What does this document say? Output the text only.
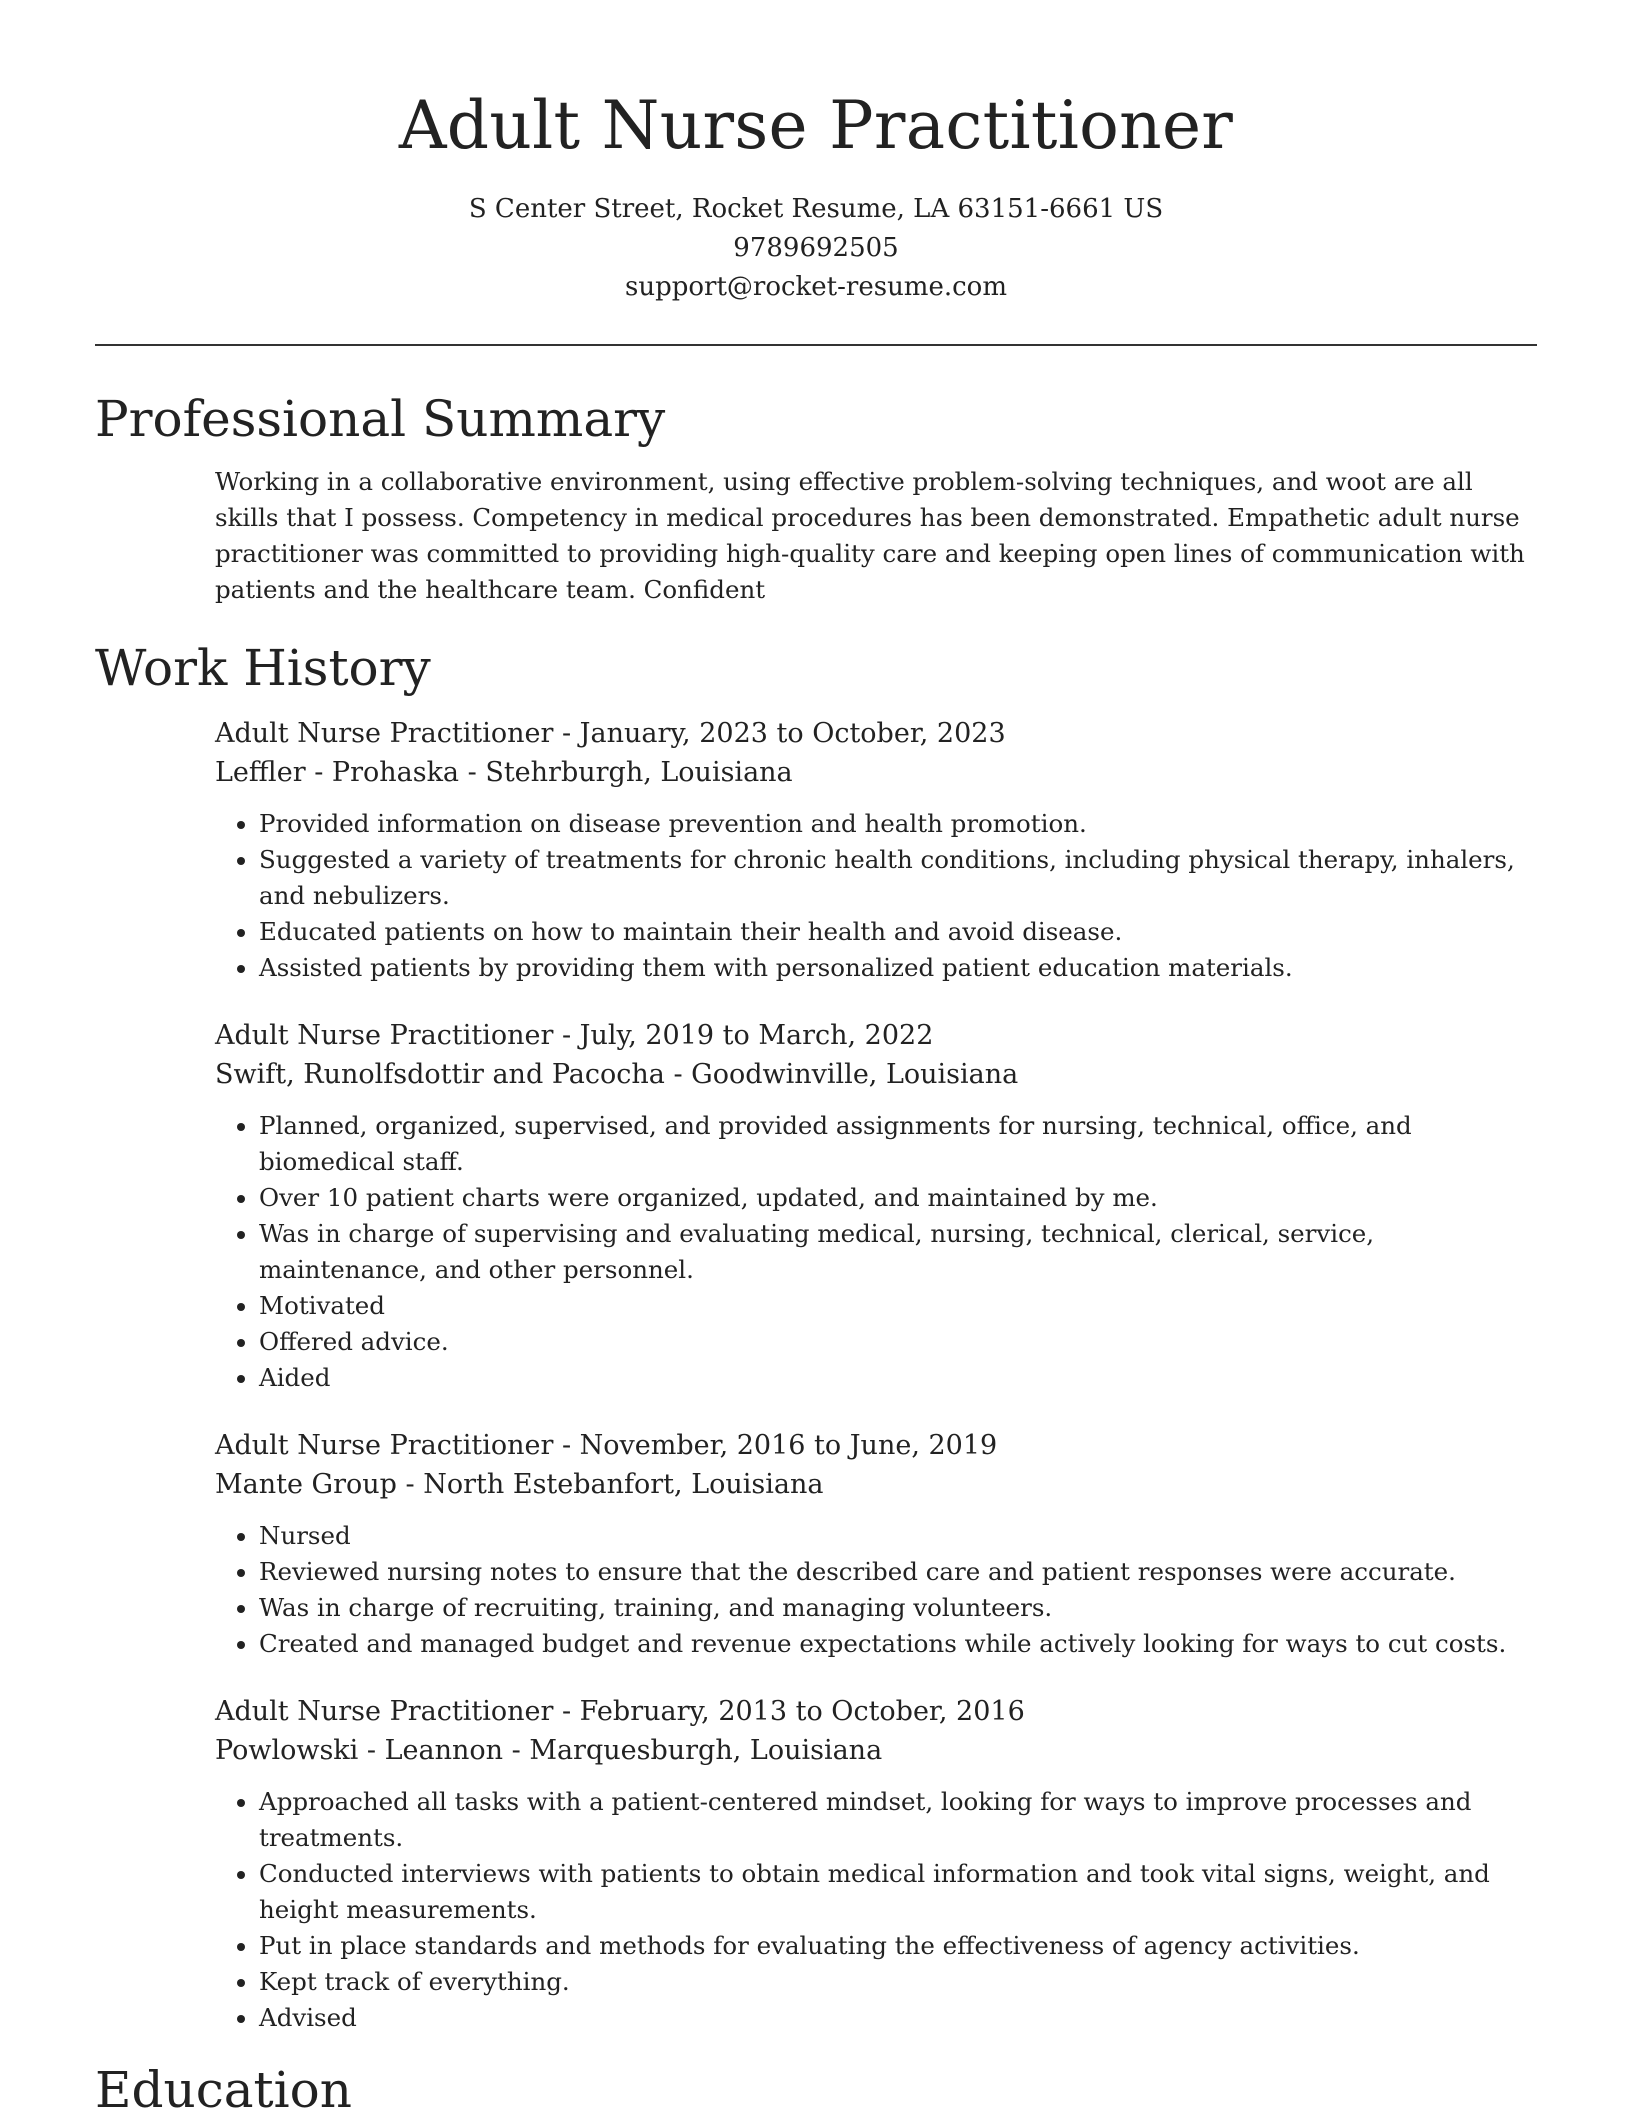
Adult Nurse Practitioner
S Center Street, Rocket Resume, LA 63151-6661 US
9789692505
support@rocket-resume.com
Professional Summary

Working in a collaborative environment, using effective problem-solving techniques, and woot are all skills that I possess. Competency in medical procedures has been demonstrated. Empathetic adult nurse practitioner was committed to providing high-quality care and keeping open lines of communication with patients and the healthcare team. Confident

Work History
Adult Nurse Practitioner - January, 2023 to October, 2023
Leffler - Prohaska - Stehrburgh, Louisiana
• Provided information on disease prevention and health promotion.
• Suggested a variety of treatments for chronic health conditions, including physical therapy, inhalers, and nebulizers.
• Educated patients on how to maintain their health and avoid disease.
• Assisted patients by providing them with personalized patient education materials.
Adult Nurse Practitioner - July, 2019 to March, 2022
Swift, Runolfsdottir and Pacocha - Goodwinville, Louisiana
• Planned, organized, supervised, and provided assignments for nursing, technical, office, and biomedical staff.
• Over 10 patient charts were organized, updated, and maintained by me.
• Was in charge of supervising and evaluating medical, nursing, technical, clerical, service, maintenance, and other personnel.
• Motivated
• Offered advice.
• Aided
Adult Nurse Practitioner - November, 2016 to June, 2019
Mante Group - North Estebanfort, Louisiana
• Nursed
• Reviewed nursing notes to ensure that the described care and patient responses were accurate.
• Was in charge of recruiting, training, and managing volunteers.
• Created and managed budget and revenue expectations while actively looking for ways to cut costs.
Adult Nurse Practitioner - February, 2013 to October, 2016
Powlowski - Leannon - Marquesburgh, Louisiana
• Approached all tasks with a patient-centered mindset, looking for ways to improve processes and treatments.
• Conducted interviews with patients to obtain medical information and took vital signs, weight, and height measurements.
• Put in place standards and methods for evaluating the effectiveness of agency activities.
• Kept track of everything.
• Advised
Education
